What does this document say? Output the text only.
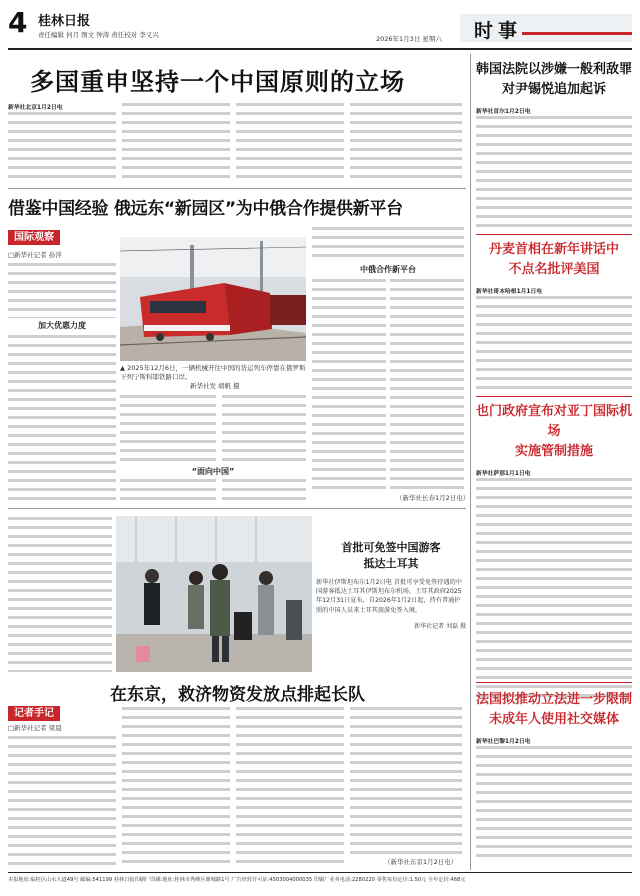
4 桂林日报
责任编辑 何月 图文 钟涛 责任校对 李义兴	2026年1月3日 星期六 时事
多国重申坚持一个中国原则的立场
新华社北京1月2日电
借鉴中国经验 俄远东“新园区”为中俄合作提供新平台
国际观察
□新华社记者 孙萍
加大优惠力度
▲ 2025年12月6日，一辆机械开往中国的货运列车停靠在俄罗斯下列宁斯科耶铁路口岸。
新华社发 胡帆 摄
“面向中国”
中俄合作新平台
（新华社长春1月2日电）
首批可免签中国游客
抵达土耳其
新华社伊斯坦布尔1月2日电 首批可享受免签待遇的中国游客抵达土耳其伊斯坦布尔机场。土耳其政府2025年12月31日宣布，自2026年1月2日起，持有普通护照的中国人员来土耳其旅游免签入境。
新华社记者 刘磊 摄
在东京，救济物资发放点排起长队
记者手记
□新华社记者 梁晨
（新华社东京1月2日电）
韩国法院以涉嫌一般利敌罪
对尹锡悦追加起诉
新华社首尔1月2日电
丹麦首相在新年讲话中
不点名批评美国
新华社哥本哈根1月1日电
也门政府宣布对亚丁国际机场
实施管制措施
新华社萨那1月1日电
法国拟推动立法进一步限制
未成年人使用社交媒体
新华社巴黎1月2日电
本报地址:临桂区山水大道49号 邮编:541199 桂林日报印刷厂印刷:地址:桂林市秀峰区塘城路1号 广告经营许可证:4503004000035 印刷厂业务电话:2280220 零售每份定价:1.50元 全年定价:468元
